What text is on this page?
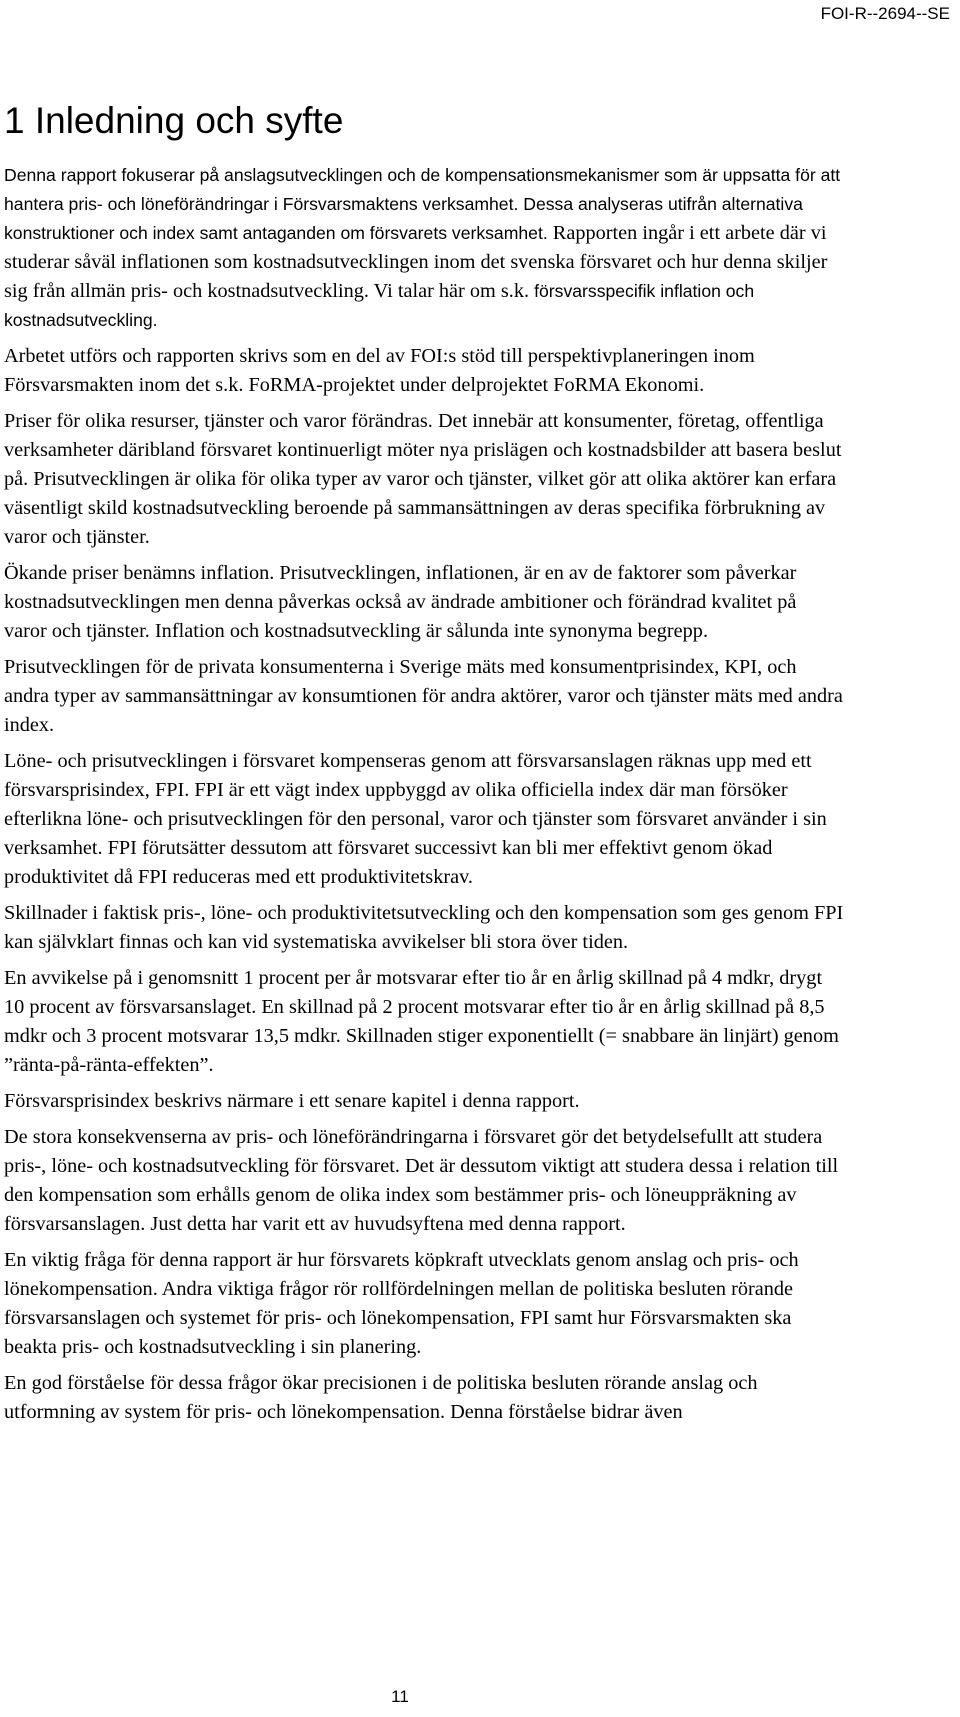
FOI-R--2694--SE
1 Inledning och syfte

Denna rapport fokuserar på anslagsutvecklingen och de kompensationsmekanismer som är uppsatta för att hantera pris- och löneförändringar i Försvarsmaktens verksamhet. Dessa analyseras utifrån alternativa konstruktioner och index samt antaganden om försvarets verksamhet. Rapporten ingår i ett arbete där vi studerar såväl inflationen som kostnadsutvecklingen inom det svenska försvaret och hur denna skiljer sig från allmän pris- och kostnadsutveckling. Vi talar här om s.k. försvarsspecifik inflation och kostnadsutveckling.

Arbetet utförs och rapporten skrivs som en del av FOI:s stöd till perspektivplaneringen inom Försvarsmakten inom det s.k. FoRMA-projektet under delprojektet FoRMA Ekonomi.

Priser för olika resurser, tjänster och varor förändras. Det innebär att konsumenter, företag, offentliga verksamheter däribland försvaret kontinuerligt möter nya prislägen och kostnadsbilder att basera beslut på. Prisutvecklingen är olika för olika typer av varor och tjänster, vilket gör att olika aktörer kan erfara väsentligt skild kostnadsutveckling beroende på sammansättningen av deras specifika förbrukning av varor och tjänster.

Ökande priser benämns inflation. Prisutvecklingen, inflationen, är en av de faktorer som påverkar kostnadsutvecklingen men denna påverkas också av ändrade ambitioner och förändrad kvalitet på varor och tjänster. Inflation och kostnadsutveckling är sålunda inte synonyma begrepp.

Prisutvecklingen för de privata konsumenterna i Sverige mäts med konsumentprisindex, KPI, och andra typer av sammansättningar av konsumtionen för andra aktörer, varor och tjänster mäts med andra index.

Löne- och prisutvecklingen i försvaret kompenseras genom att försvarsanslagen räknas upp med ett försvarsprisindex, FPI. FPI är ett vägt index uppbyggd av olika officiella index där man försöker efterlikna löne- och prisutvecklingen för den personal, varor och tjänster som försvaret använder i sin verksamhet. FPI förutsätter dessutom att försvaret successivt kan bli mer effektivt genom ökad produktivitet då FPI reduceras med ett produktivitetskrav.

Skillnader i faktisk pris-, löne- och produktivitetsutveckling och den kompensation som ges genom FPI kan självklart finnas och kan vid systematiska avvikelser bli stora över tiden.

En avvikelse på i genomsnitt 1 procent per år motsvarar efter tio år en årlig skillnad på 4 mdkr, drygt 10 procent av försvarsanslaget. En skillnad på 2 procent motsvarar efter tio år en årlig skillnad på 8,5 mdkr och 3 procent motsvarar 13,5 mdkr. Skillnaden stiger exponentiellt (= snabbare än linjärt) genom ”ränta-på-ränta-effekten”.

Försvarsprisindex beskrivs närmare i ett senare kapitel i denna rapport.

De stora konsekvenserna av pris- och löneförändringarna i försvaret gör det betydelsefullt att studera pris-, löne- och kostnadsutveckling för försvaret. Det är dessutom viktigt att studera dessa i relation till den kompensation som erhålls genom de olika index som bestämmer pris- och löneuppräkning av försvarsanslagen. Just detta har varit ett av huvudsyftena med denna rapport.

En viktig fråga för denna rapport är hur försvarets köpkraft utvecklats genom anslag och pris- och lönekompensation. Andra viktiga frågor rör rollfördelningen mellan de politiska besluten rörande försvarsanslagen och systemet för pris- och lönekompensation, FPI samt hur Försvarsmakten ska beakta pris- och kostnadsutveckling i sin planering.

En god förståelse för dessa frågor ökar precisionen i de politiska besluten rörande anslag och utformning av system för pris- och lönekompensation. Denna förståelse bidrar även

11
